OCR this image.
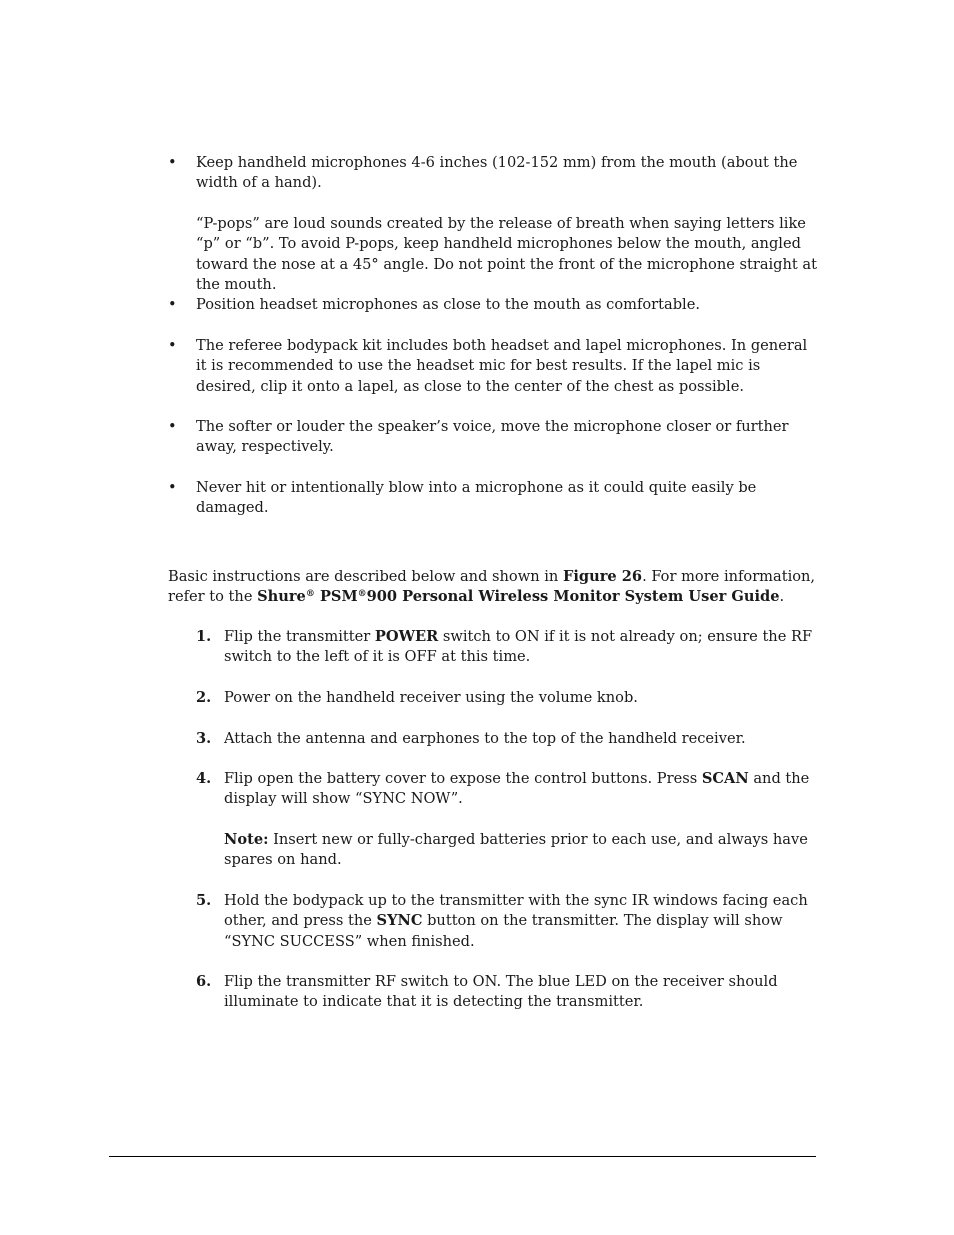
• Keep handheld microphones 4-6 inches (102-152 mm) from the mouth (about the width of a hand).
“P-pops” are loud sounds created by the release of breath when saying letters like “p” or “b”. To avoid P-pops, keep handheld microphones below the mouth, angled toward the nose at a 45° angle. Do not point the front of the microphone straight at the mouth.
• Position headset microphones as close to the mouth as comfortable.
• The referee bodypack kit includes both headset and lapel microphones. In general it is recommended to use the headset mic for best results. If the lapel mic is desired, clip it onto a lapel, as close to the center of the chest as possible.
• The softer or louder the speaker’s voice, move the microphone closer or further away, respectively.
• Never hit or intentionally blow into a microphone as it could quite easily be damaged.
Basic instructions are described below and shown in Figure 26. For more information, refer to the Shure® PSM®900 Personal Wireless Monitor System User Guide.
1. Flip the transmitter POWER switch to ON if it is not already on; ensure the RF switch to the left of it is OFF at this time.
2. Power on the handheld receiver using the volume knob.
3. Attach the antenna and earphones to the top of the handheld receiver.
4. Flip open the battery cover to expose the control buttons. Press SCAN and the display will show “SYNC NOW”.
Note: Insert new or fully-charged batteries prior to each use, and always have spares on hand.
5. Hold the bodypack up to the transmitter with the sync IR windows facing each other, and press the SYNC button on the transmitter. The display will show “SYNC SUCCESS” when finished.
6. Flip the transmitter RF switch to ON. The blue LED on the receiver should illuminate to indicate that it is detecting the transmitter.
